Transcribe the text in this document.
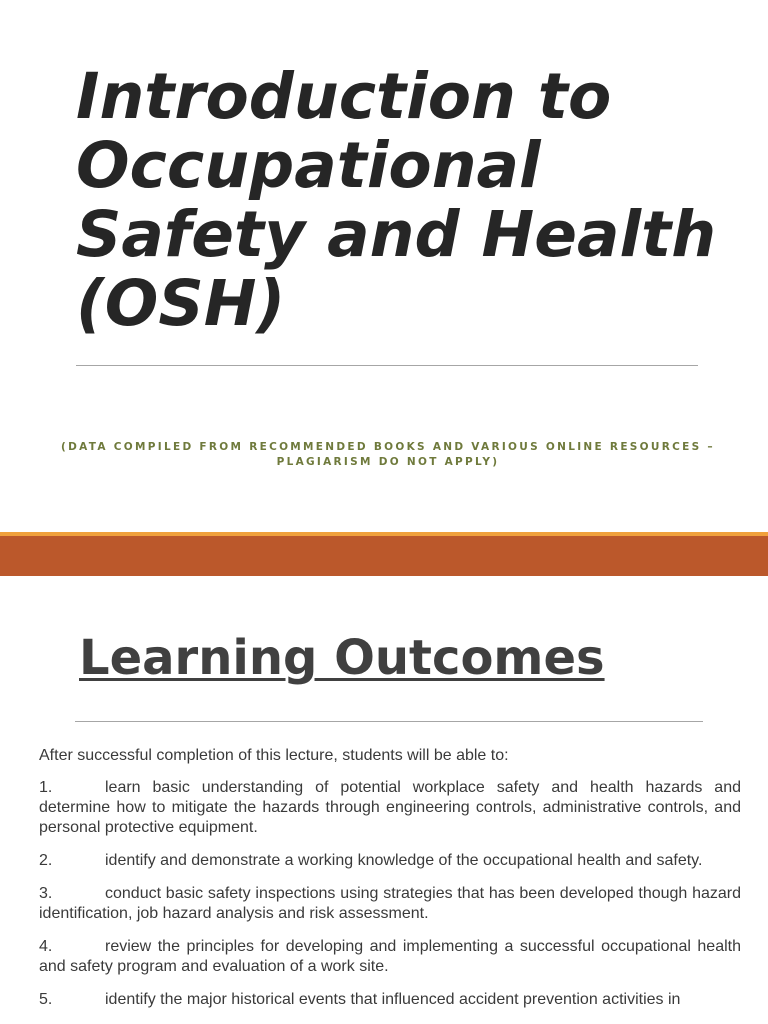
Introduction to Occupational Safety and Health (OSH)

(DATA COMPILED FROM RECOMMENDED BOOKS AND VARIOUS ONLINE RESOURCES – PLAGIARISM DO NOT APPLY)

Learning Outcomes

After successful completion of this lecture, students will be able to:

1.	learn basic understanding of potential workplace safety and health hazards and determine how to mitigate the hazards through engineering controls, administrative controls, and personal protective equipment.

2.	identify and demonstrate a working knowledge of the occupational health and safety.

3.	conduct basic safety inspections using strategies that has been developed though hazard identification, job hazard analysis and risk assessment.

4.	review the principles for developing and implementing a successful occupational health and safety program and evaluation of a work site.

5.	identify the major historical events that influenced accident prevention activities in
